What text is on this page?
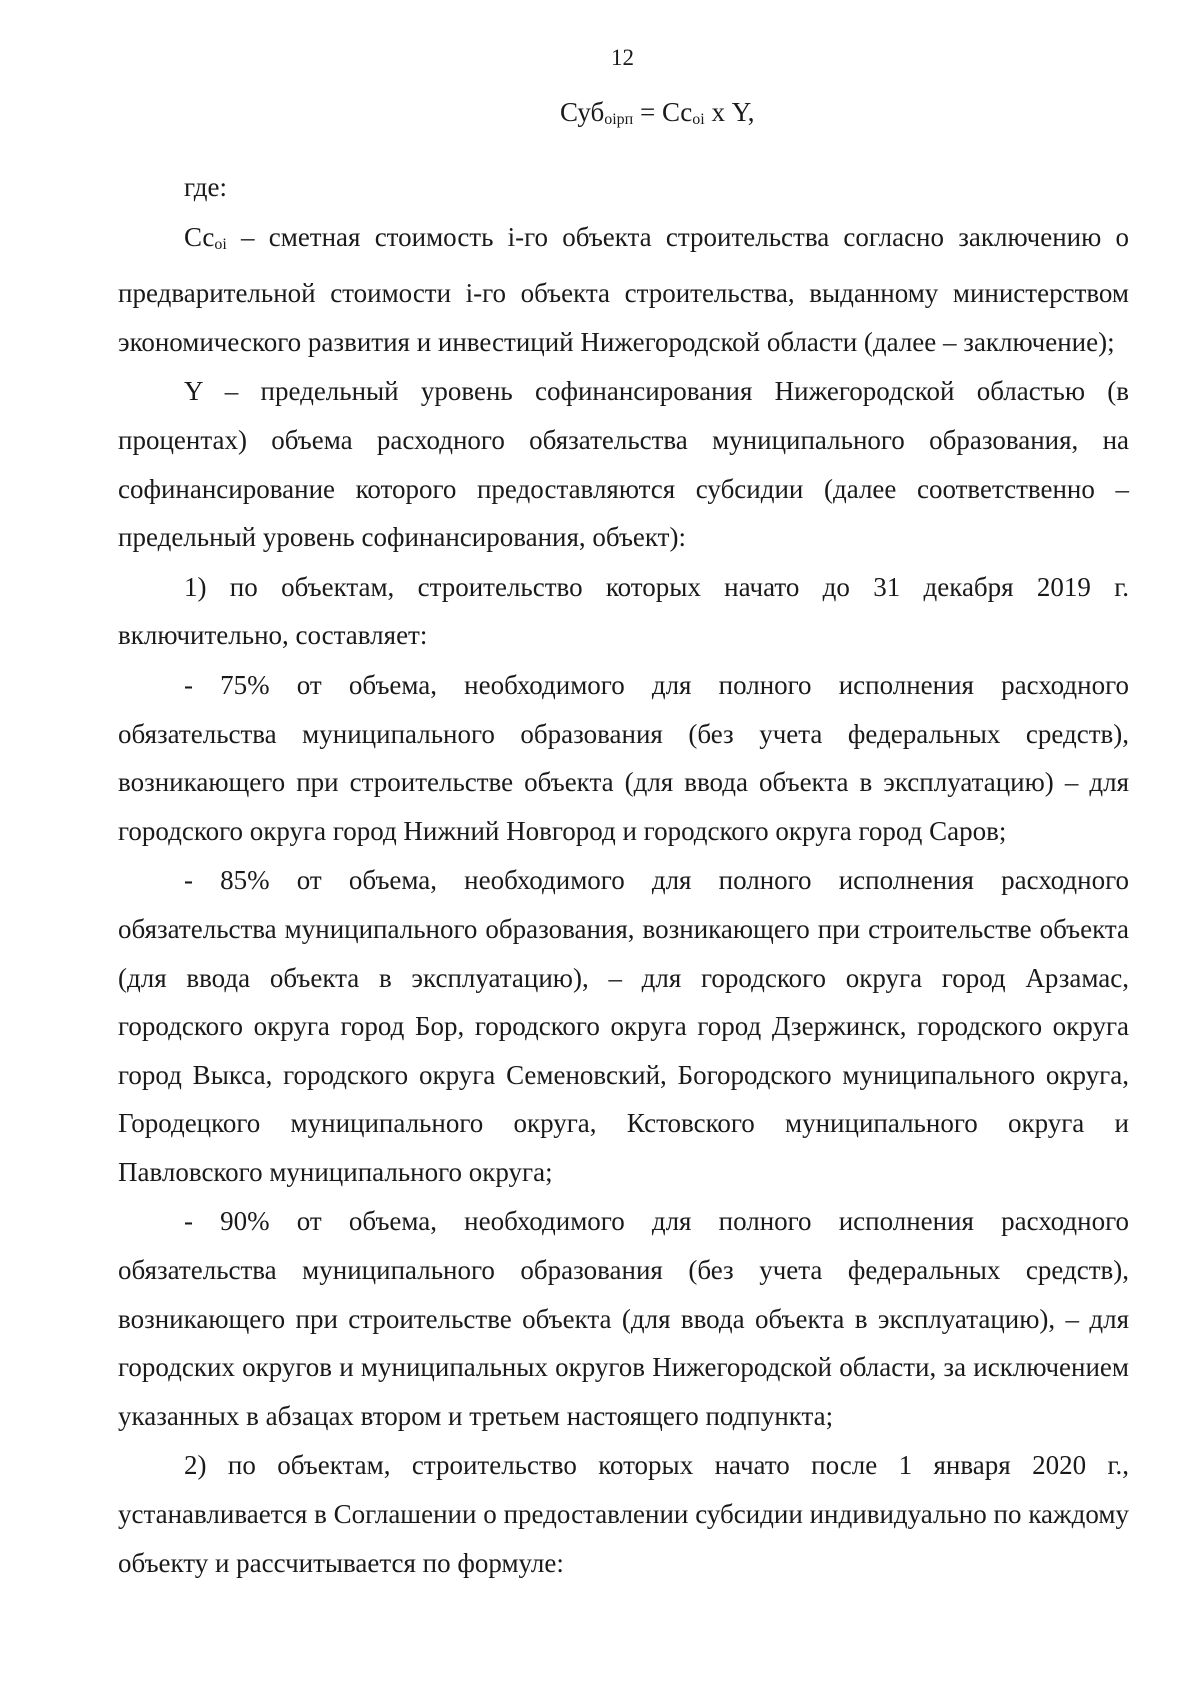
12
$Суб_{оірп} = Сс_{оі}$ х Y,

где:

Ссоі – сметная стоимость і-го объекта строительства согласно заключению о предварительной стоимости і-го объекта строительства, выданному министерством экономического развития и инвестиций Нижегородской области (далее – заключение);

Y – предельный уровень софинансирования Нижегородской областью (в процентах) объема расходного обязательства муниципального образования, на софинансирование которого предоставляются субсидии (далее соответственно – предельный уровень софинансирования, объект):

1) по объектам, строительство которых начато до 31 декабря 2019 г. включительно, составляет:

- 75% от объема, необходимого для полного исполнения расходного обязательства муниципального образования (без учета федеральных средств), возникающего при строительстве объекта (для ввода объекта в эксплуатацию) – для городского округа город Нижний Новгород и городского округа город Саров;

- 85% от объема, необходимого для полного исполнения расходного обязательства муниципального образования, возникающего при строительстве объекта (для ввода объекта в эксплуатацию), – для городского округа город Арзамас, городского округа город Бор, городского округа город Дзержинск, городского округа город Выкса, городского округа Семеновский, Богородского муниципального округа, Городецкого муниципального округа, Кстовского муниципального округа и Павловского муниципального округа;

- 90% от объема, необходимого для полного исполнения расходного обязательства муниципального образования (без учета федеральных средств), возникающего при строительстве объекта (для ввода объекта в эксплуатацию), – для городских округов и муниципальных округов Нижегородской области, за исключением указанных в абзацах втором и третьем настоящего подпункта;

2) по объектам, строительство которых начато после 1 января 2020 г., устанавливается в Соглашении о предоставлении субсидии индивидуально по каждому объекту и рассчитывается по формуле:
